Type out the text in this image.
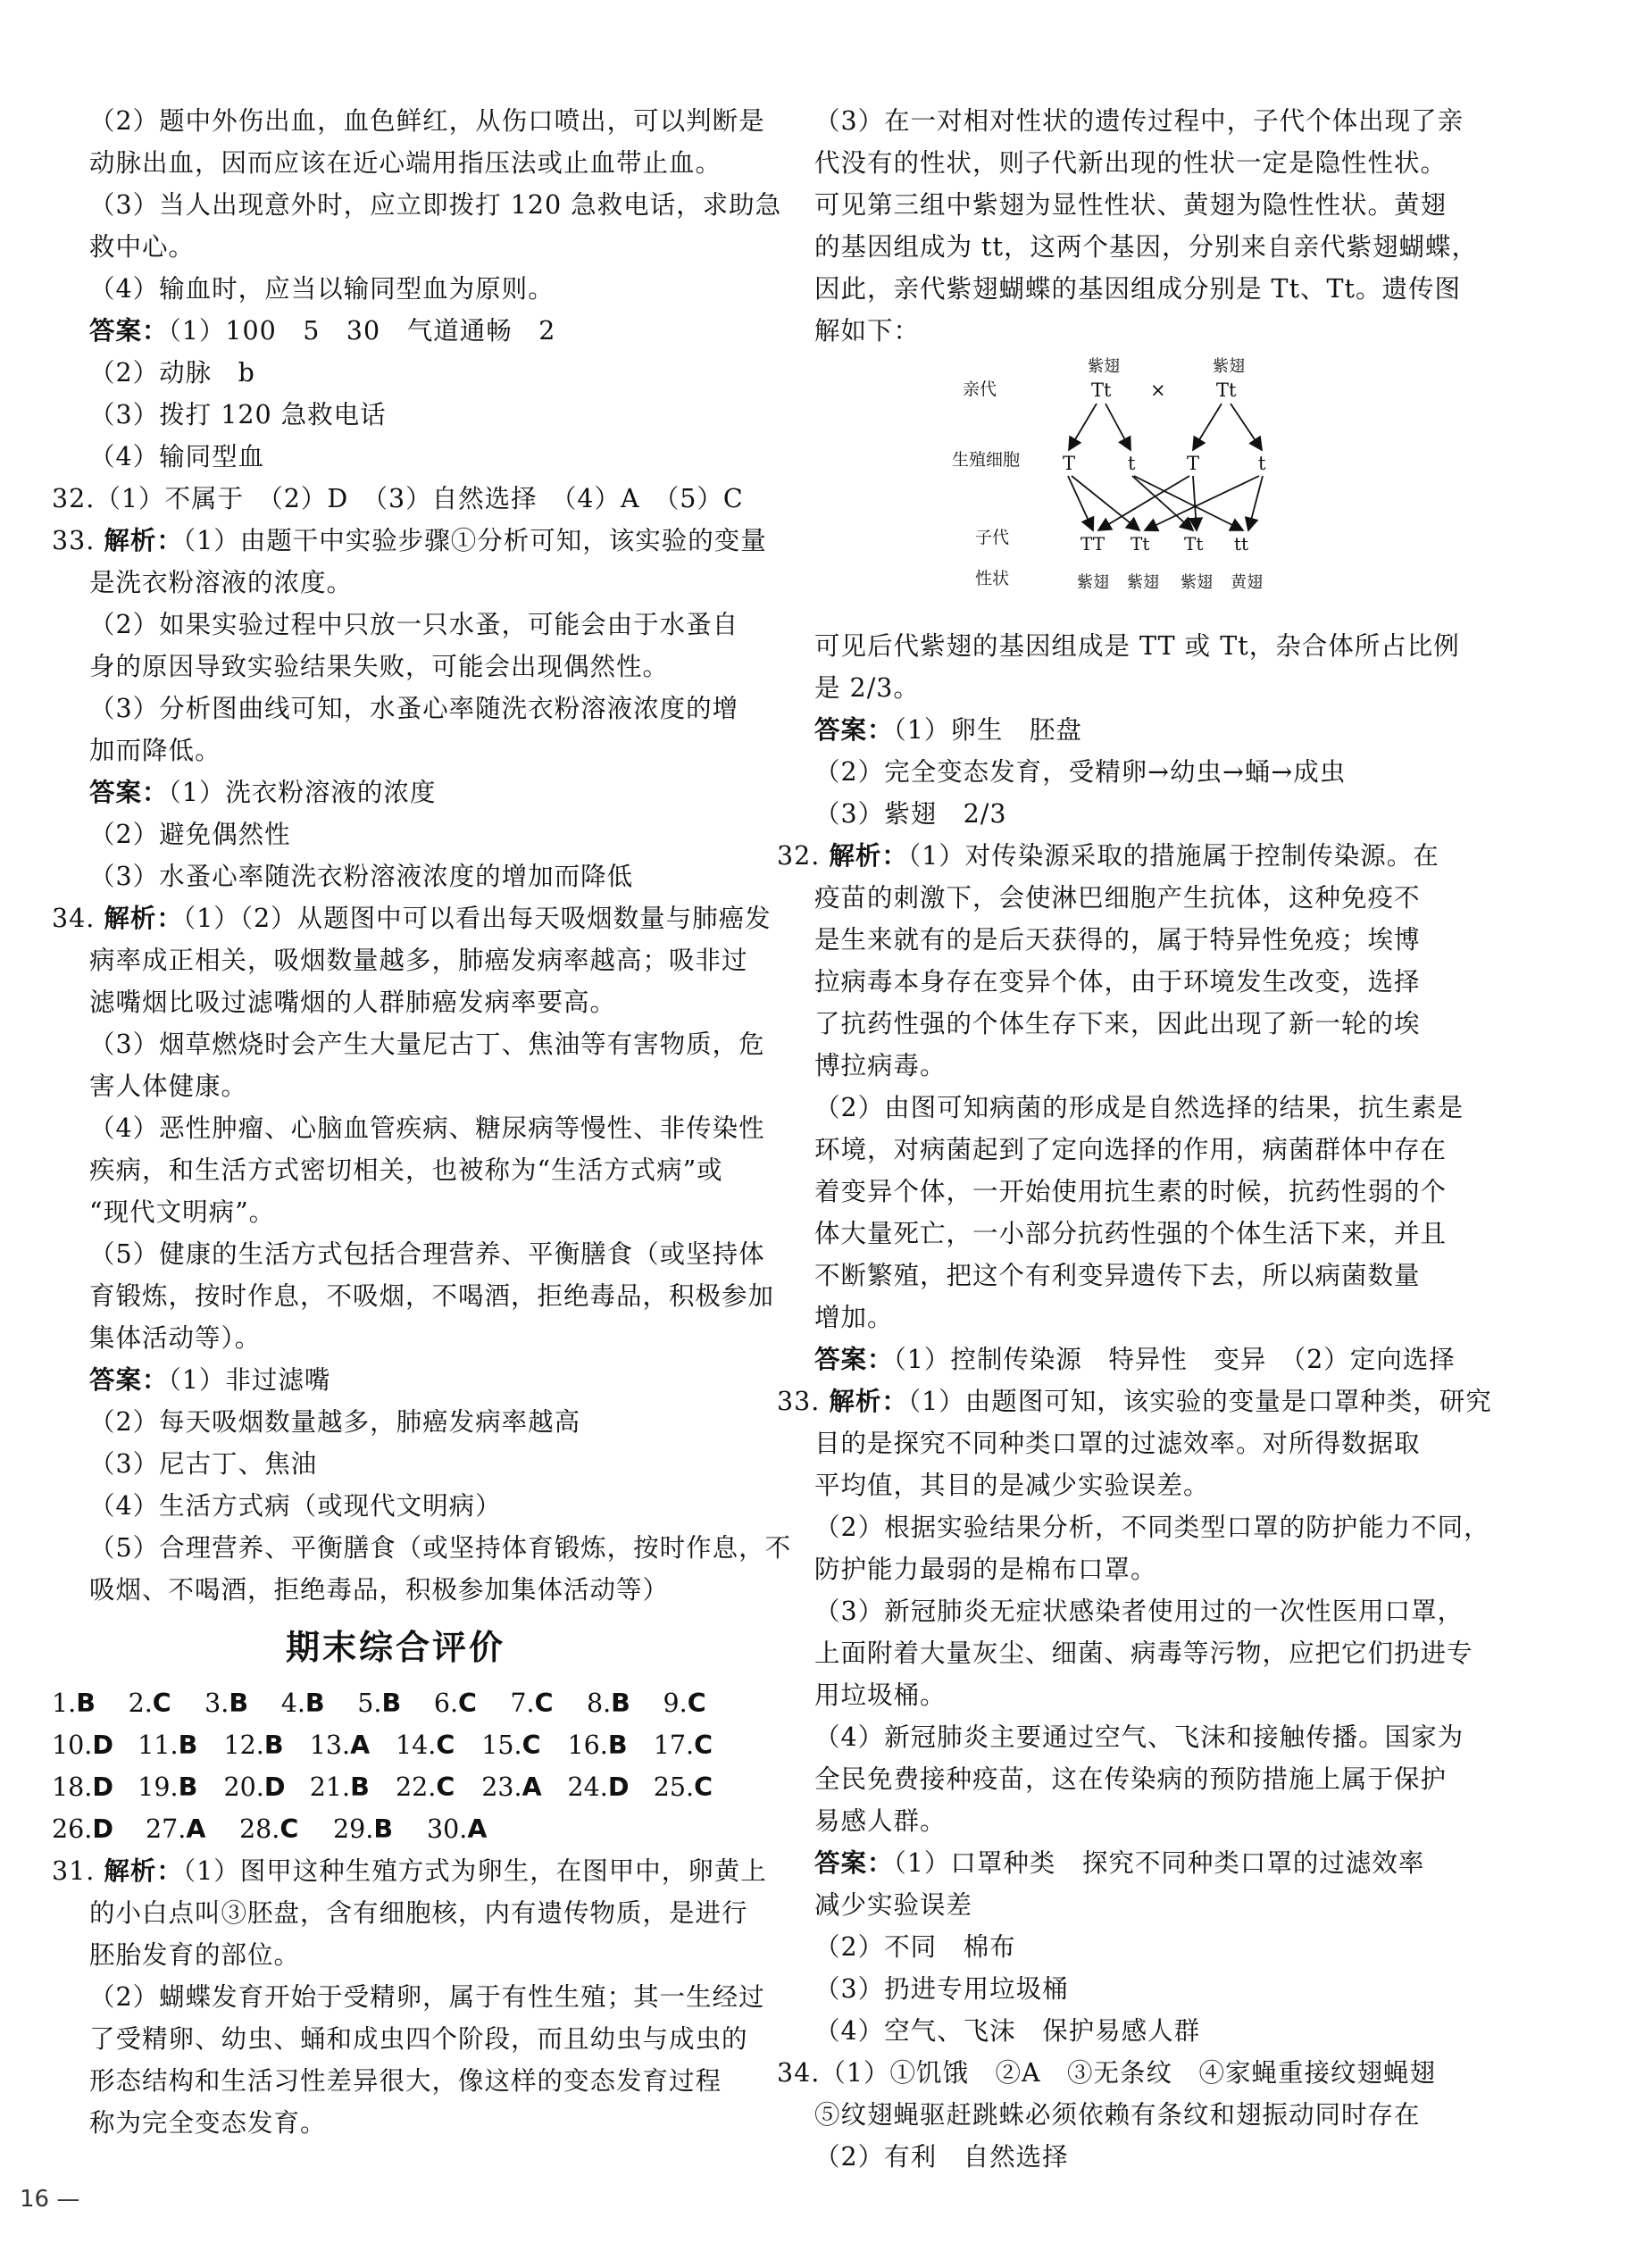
（2）题中外伤出血，血色鲜红，从伤口喷出，可以判断是
动脉出血，因而应该在近心端用指压法或止血带止血。
（3）当人出现意外时，应立即拨打 120 急救电话，求助急
救中心。
（4）输血时，应当以输同型血为原则。
答案：（1）100　5　30　气道通畅　2
（2）动脉　b
（3）拨打 120 急救电话
（4）输同型血
32.（1）不属于　（2）D　（3）自然选择　（4）A　（5）C
33. 解析：（1）由题干中实验步骤①分析可知，该实验的变量
是洗衣粉溶液的浓度。
（2）如果实验过程中只放一只水蚤，可能会由于水蚤自
身的原因导致实验结果失败，可能会出现偶然性。
（3）分析图曲线可知，水蚤心率随洗衣粉溶液浓度的增
加而降低。
答案：（1）洗衣粉溶液的浓度
（2）避免偶然性
（3）水蚤心率随洗衣粉溶液浓度的增加而降低
34. 解析：（1）（2）从题图中可以看出每天吸烟数量与肺癌发
病率成正相关，吸烟数量越多，肺癌发病率越高；吸非过
滤嘴烟比吸过滤嘴烟的人群肺癌发病率要高。
（3）烟草燃烧时会产生大量尼古丁、焦油等有害物质，危
害人体健康。
（4）恶性肿瘤、心脑血管疾病、糖尿病等慢性、非传染性
疾病，和生活方式密切相关，也被称为“生活方式病”或
“现代文明病”。
（5）健康的生活方式包括合理营养、平衡膳食（或坚持体
育锻炼，按时作息，不吸烟，不喝酒，拒绝毒品，积极参加
集体活动等）。
答案：（1）非过滤嘴
（2）每天吸烟数量越多，肺癌发病率越高
（3）尼古丁、焦油
（4）生活方式病（或现代文明病）
（5）合理营养、平衡膳食（或坚持体育锻炼，按时作息，不
吸烟、不喝酒，拒绝毒品，积极参加集体活动等）
期末综合评价
1.B	2.C	3.B	4.B	5.B	6.C	7.C	8.B	9.C
10.D 11.B	12.B	13.A	14.C	15.C	16.B	17.C
18.D 19.B	20.D 21.B	22.C	23.A	24.D 25.C
26.D	27.A	28.C	29.B	30.A
31. 解析：（1）图甲这种生殖方式为卵生，在图甲中，卵黄上
的小白点叫③胚盘，含有细胞核，内有遗传物质，是进行
胚胎发育的部位。
（2）蝴蝶发育开始于受精卵，属于有性生殖；其一生经过
了受精卵、幼虫、蛹和成虫四个阶段，而且幼虫与成虫的
形态结构和生活习性差异很大，像这样的变态发育过程
称为完全变态发育。
（3）在一对相对性状的遗传过程中，子代个体出现了亲
代没有的性状，则子代新出现的性状一定是隐性性状。
可见第三组中紫翅为显性性状、黄翅为隐性性状。黄翅
的基因组成为 tt，这两个基因，分别来自亲代紫翅蝴蝶，
因此，亲代紫翅蝴蝶的基因组成分别是 Tt、Tt。遗传图
解如下：
亲代
生殖细胞
子代
性状
紫翅
Tt ×
紫翅
Tt
T	t	T	t
TT Tt Tt tt
紫翅 紫翅 紫翅 黄翅
可见后代紫翅的基因组成是 TT 或 Tt，杂合体所占比例
是 2/3。
答案：（1）卵生　胚盘
（2）完全变态发育，受精卵→幼虫→蛹→成虫
（3）紫翅　2/3
32. 解析：（1）对传染源采取的措施属于控制传染源。在
疫苗的刺激下，会使淋巴细胞产生抗体，这种免疫不
是生来就有的是后天获得的，属于特异性免疫；埃博
拉病毒本身存在变异个体，由于环境发生改变，选择
了抗药性强的个体生存下来，因此出现了新一轮的埃
博拉病毒。
（2）由图可知病菌的形成是自然选择的结果，抗生素是
环境，对病菌起到了定向选择的作用，病菌群体中存在
着变异个体，一开始使用抗生素的时候，抗药性弱的个
体大量死亡，一小部分抗药性强的个体生活下来，并且
不断繁殖，把这个有利变异遗传下去，所以病菌数量
增加。
答案：（1）控制传染源　特异性　变异　（2）定向选择
33. 解析：（1）由题图可知，该实验的变量是口罩种类，研究
目的是探究不同种类口罩的过滤效率。对所得数据取
平均值，其目的是减少实验误差。
（2）根据实验结果分析，不同类型口罩的防护能力不同，
防护能力最弱的是棉布口罩。
（3）新冠肺炎无症状感染者使用过的一次性医用口罩，
上面附着大量灰尘、细菌、病毒等污物，应把它们扔进专
用垃圾桶。
（4）新冠肺炎主要通过空气、飞沫和接触传播。国家为
全民免费接种疫苗，这在传染病的预防措施上属于保护
易感人群。
答案：（1）口罩种类　探究不同种类口罩的过滤效率
减少实验误差
（2）不同　棉布
（3）扔进专用垃圾桶
（4）空气、飞沫　保护易感人群
34.（1）①饥饿　②A　③无条纹　④家蝇重接纹翅蝇翅
⑤纹翅蝇驱赶跳蛛必须依赖有条纹和翅振动同时存在
（2）有利　自然选择
16 —
